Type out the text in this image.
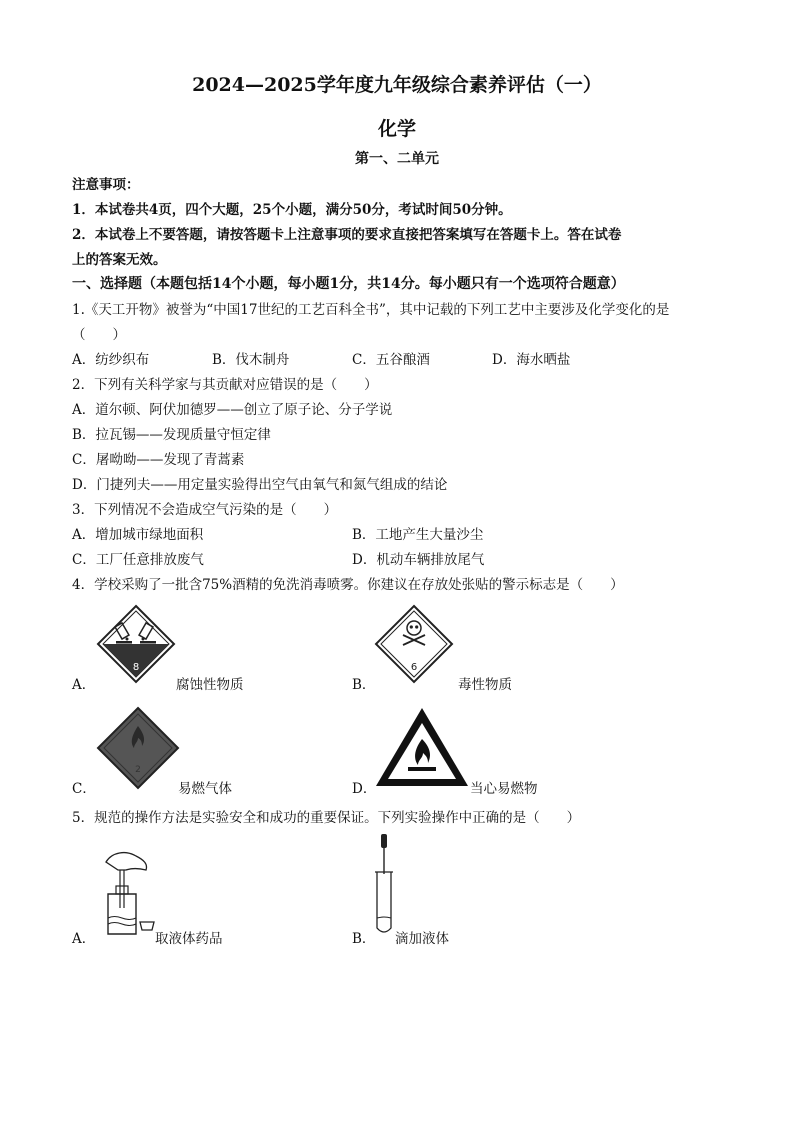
2024—2025学年度九年级综合素养评估（一）
化学
第一、二单元
注意事项：
1．本试卷共4页，四个大题，25个小题，满分50分，考试时间50分钟。
2．本试卷上不要答题，请按答题卡上注意事项的要求直接把答案填写在答题卡上。答在试卷
上的答案无效。
一、选择题（本题包括14个小题，每小题1分，共14分。每小题只有一个选项符合题意）
1.《天工开物》被誉为“中国17世纪的工艺百科全书”，其中记载的下列工艺中主要涉及化学变化的是
（　　）
A．纺纱织布	B．伐木制舟	C．五谷酿酒	D．海水晒盐
2．下列有关科学家与其贡献对应错误的是（　　）
A．道尔顿、阿伏加德罗——创立了原子论、分子学说
B．拉瓦锡——发现质量守恒定律
C．屠呦呦——发现了青蒿素
D．门捷列夫——用定量实验得出空气由氧气和氮气组成的结论
3．下列情况不会造成空气污染的是（　　）
A．增加城市绿地面积	B．工地产生大量沙尘
C．工厂任意排放废气	D．机动车辆排放尾气
4．学校采购了一批含75%酒精的免洗消毒喷雾。你建议在存放处张贴的警示标志是（　　）
8
A．	腐蚀性物质
6
B．	毒性物质
2
C．	易燃气体	D．	当心易燃物
5．规范的操作方法是实验安全和成功的重要保证。下列实验操作中正确的是（　　）
A．	取液体药品	B． 滴加液体
